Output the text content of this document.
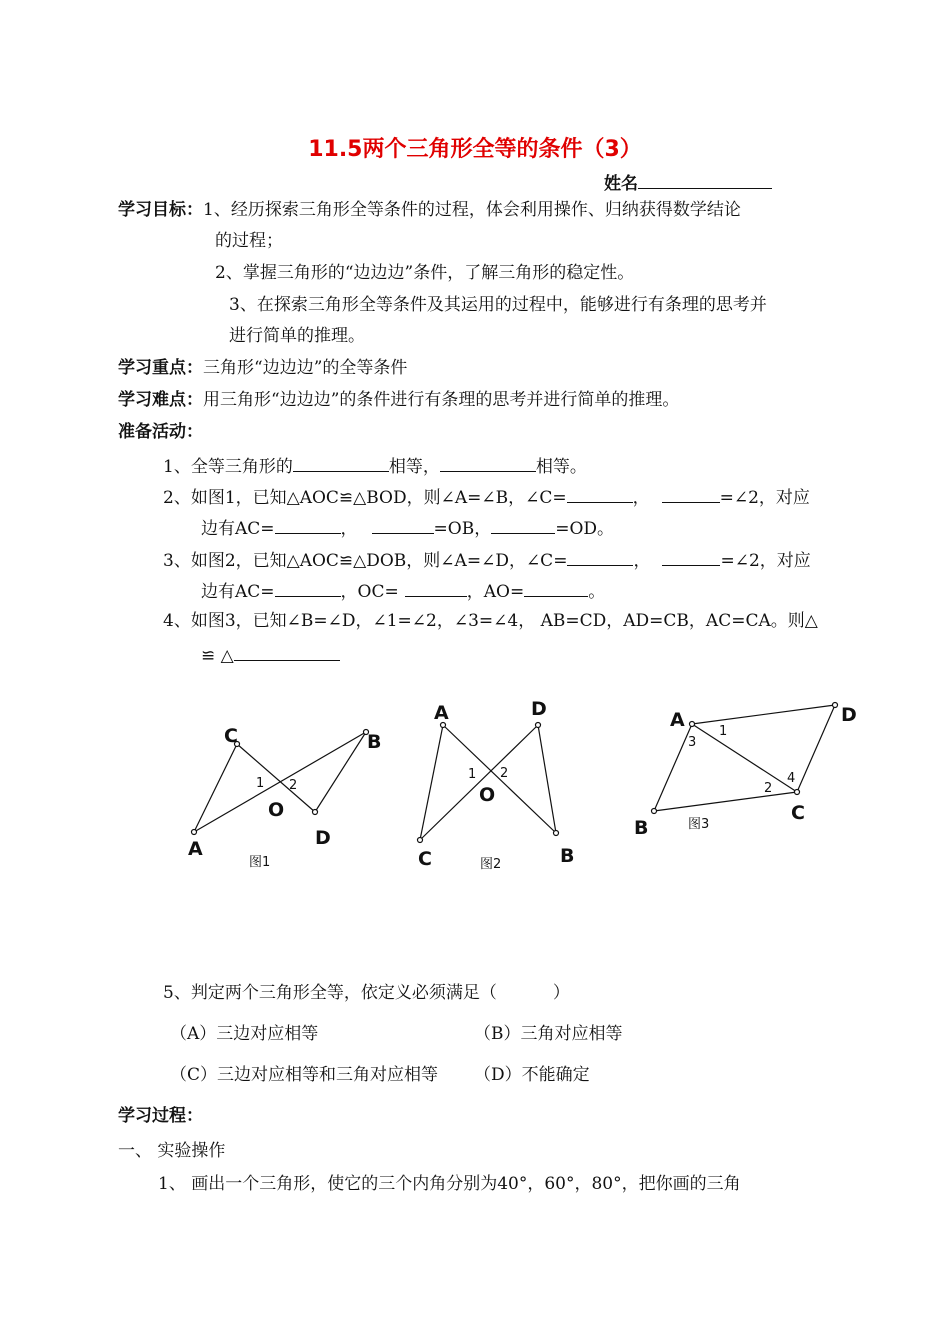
11.5两个三角形全等的条件（3）
姓名
学习目标：1、经历探索三角形全等条件的过程，体会利用操作、归纳获得数学结论
的过程；
2、掌握三角形的“边边边”条件，了解三角形的稳定性。
3、在探索三角形全等条件及其运用的过程中，能够进行有条理的思考并
进行简单的推理。
学习重点：三角形“边边边”的全等条件
学习难点：用三角形“边边边”的条件进行有条理的思考并进行简单的推理。
准备活动：
1、全等三角形的	相等，	相等。
2、如图1，已知△AOC≌△BOD，则∠A=∠B，∠C=	，	=∠2，对应
边有AC=	，	=OB，	=OD。
3、如图2，已知△AOC≌△DOB，则∠A=∠D，∠C=	，	=∠2，对应
边有AC=	，OC=	，AO=	。
4、如图3，已知∠B=∠D，∠1=∠2，∠3=∠4， AB=CD，AD=CB，AC=CA。则△
≌ △
C	B
O
A	D
1 2
图1
A	D
O
C	B
1 2
图2
A	D
B
C
3
1
4
2
图3
5、判定两个三角形全等，依定义必须满足（	）
（A）三边对应相等	（B）三角对应相等
（C）三边对应相等和三角对应相等 （D）不能确定
学习过程：
一、 实验操作
1、 画出一个三角形，使它的三个内角分别为40°，60°，80°，把你画的三角
